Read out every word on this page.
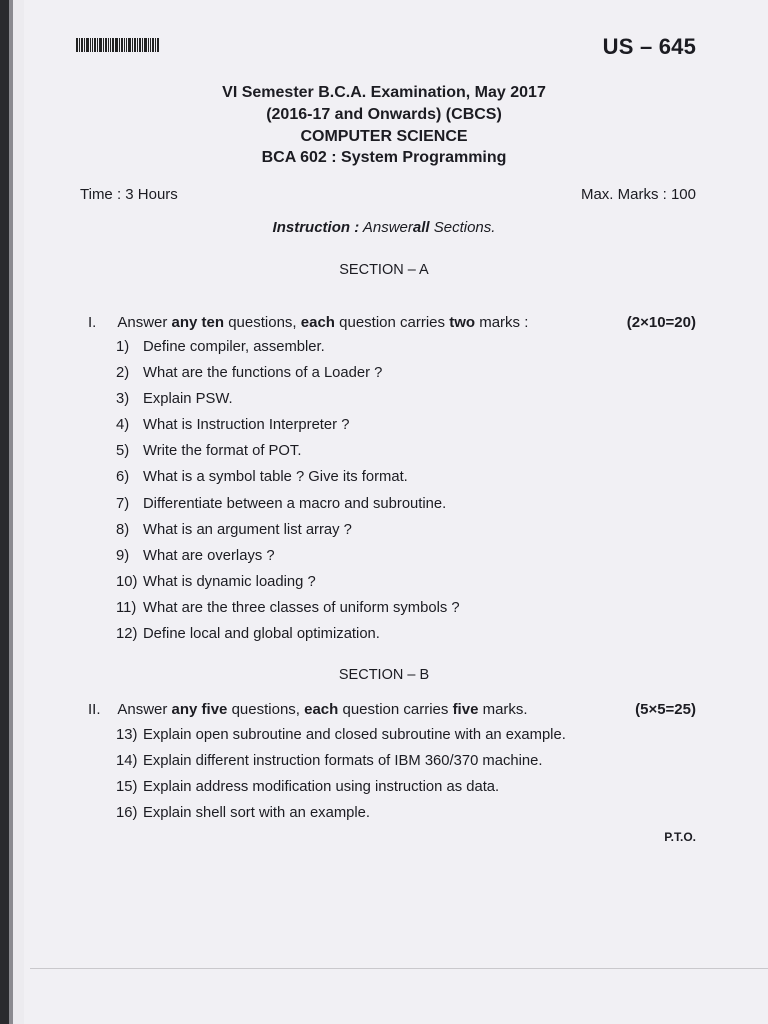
US – 645
VI Semester B.C.A. Examination, May 2017
(2016-17 and Onwards) (CBCS)
COMPUTER SCIENCE
BCA 602 : System Programming
Time : 3 Hours	Max. Marks : 100
Instruction : Answerall Sections.
SECTION – A
I. Answer any ten questions, each question carries two marks :	(2×10=20)
1) Define compiler, assembler.
2) What are the functions of a Loader ?
3) Explain PSW.
4) What is Instruction Interpreter ?
5) Write the format of POT.
6) What is a symbol table ? Give its format.
7) Differentiate between a macro and subroutine.
8) What is an argument list array ?
9) What are overlays ?
10) What is dynamic loading ?
11) What are the three classes of uniform symbols ?
12) Define local and global optimization.
SECTION – B
II. Answer any five questions, each question carries five marks.	(5×5=25)
13) Explain open subroutine and closed subroutine with an example.
14) Explain different instruction formats of IBM 360/370 machine.
15) Explain address modification using instruction as data.
16) Explain shell sort with an example.
P.T.O.
